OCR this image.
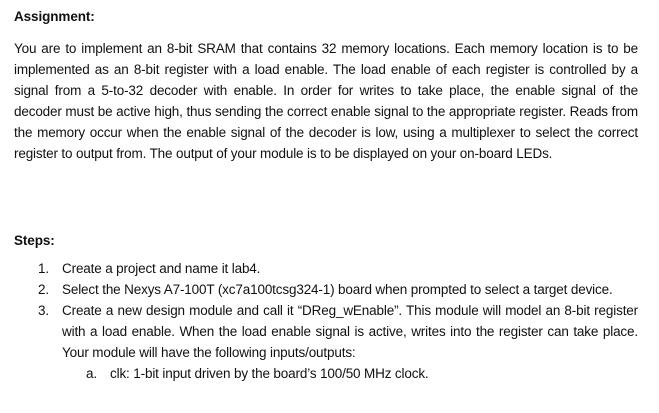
Assignment:

You are to implement an 8-bit SRAM that contains 32 memory locations. Each memory location is to be implemented as an 8-bit register with a load enable. The load enable of each register is controlled by a signal from a 5-to-32 decoder with enable. In order for writes to take place, the enable signal of the decoder must be active high, thus sending the correct enable signal to the appropriate register. Reads from the memory occur when the enable signal of the decoder is low, using a multiplexer to select the correct register to output from. The output of your module is to be displayed on your on-board LEDs.

Steps:
1. Create a project and name it lab4.
2. Select the Nexys A7-100T (xc7a100tcsg324-1) board when prompted to select a target device.
3. Create a new design module and call it “DReg_wEnable”. This module will model an 8-bit register with a load enable. When the load enable signal is active, writes into the register can take place. Your module will have the following inputs/outputs:
a. clk: 1-bit input driven by the board’s 100/50 MHz clock.
